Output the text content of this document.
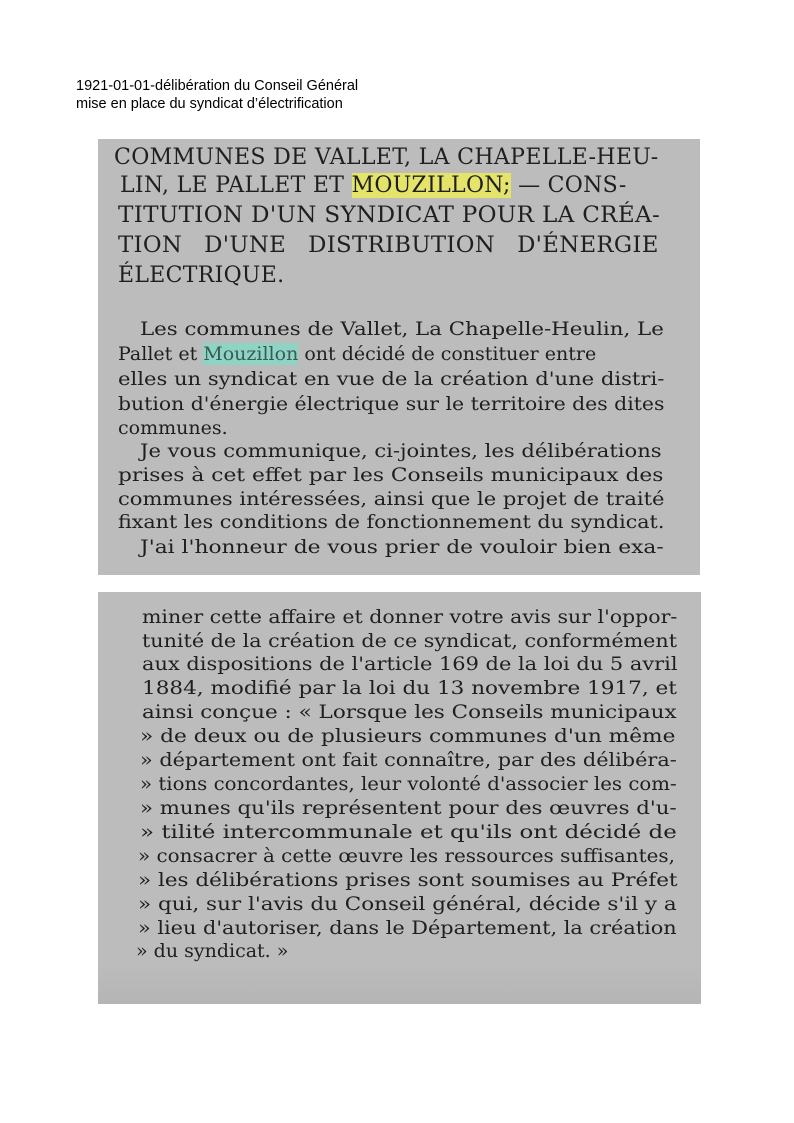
1921-01-01-délibération du Conseil Général
mise en place du syndicat d’électrification
COMMUNES DE VALLET, LA CHAPELLE-HEU-
LIN, LE PALLET ET MOUZILLON; — CONS-
TITUTION D'UN SYNDICAT POUR LA CRÉA-
TION D'UNE DISTRIBUTION D'ÉNERGIE
ÉLECTRIQUE.
Les communes de Vallet, La Chapelle-Heulin, Le
Pallet et Mouzillon ont décidé de constituer entre
elles un syndicat en vue de la création d'une distri-
bution d'énergie électrique sur le territoire des dites
communes.
Je vous communique, ci-jointes, les délibérations
prises à cet effet par les Conseils municipaux des
communes intéressées, ainsi que le projet de traité
fixant les conditions de fonctionnement du syndicat.
J'ai l'honneur de vous prier de vouloir bien exa-
miner cette affaire et donner votre avis sur l'oppor-
tunité de la création de ce syndicat, conformément
aux dispositions de l'article 169 de la loi du 5 avril
1884, modifié par la loi du 13 novembre 1917, et
ainsi conçue : « Lorsque les Conseils municipaux
» de deux ou de plusieurs communes d'un même
» département ont fait connaître, par des délibéra-
» tions concordantes, leur volonté d'associer les com-
» munes qu'ils représentent pour des œuvres d'u-
» tilité intercommunale et qu'ils ont décidé de
» consacrer à cette œuvre les ressources suffisantes,
» les délibérations prises sont soumises au Préfet
» qui, sur l'avis du Conseil général, décide s'il y a
» lieu d'autoriser, dans le Département, la création
» du syndicat. »
